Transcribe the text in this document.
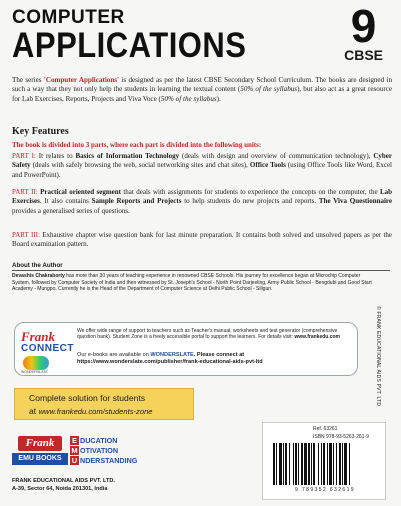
COMPUTER
APPLICATIONS 9
CBSE
The series 'Computer Applications' is designed as per the latest CBSE Secondary School Curriculum. The books are designed in such a way that they not only help the students in learning the textual content (50% of the syllabus), but also act as a great resource for Lab Exercises, Reports, Projects and Viva Voce (50% of the syllabus).
Key Features
The book is divided into 3 parts, where each part is divided into the following units:
PART I: It relates to Basics of Information Technology (deals with design and overview of communication technology), Cyber Safety (deals with safely browsing the web, social networking sites and chat sites), Office Tools (using Office Tools like Word, Excel and PowerPoint).
PART II: Practical oriented segment that deals with assignments for students to experience the concepts on the computer, the Lab Exercises. It also contains Sample Reports and Projects to help students do new projects and reports. The Viva Questionnaire provides a generalised series of questions.
PART III: Exhaustive chapter wise question bank for last minute preparation. It contains both solved and unsolved papers as per the Board examination pattern.
About the Author
Devashis Chakraborty has more than 30 years of teaching experience in renowned CBSE Schools. His journey for excellence began at Microchip Computer System, followed by Computer Society of India and then witnessed by St. Joseph's School - North Point Darjeeling, Army Public School - Bengdubi and Good Start Academy - Mungpo. Currently he is the Head of the Department of Computer Science at Delhi Public School - Siliguri.
Frank
CONNECT
WONDERSLATE
We offer wide range of support to teachers such as Teacher's manual, worksheets and test generator (comprehensive question bank). Student Zone is a freely accessible portal to support the learners. For details visit: www.frankedu.com
Our e-books are available on WONDERSLATE. Please connect at
https://www.wonderslate.com/publisher/frank-educational-aids-pvt-ltd
Complete solution for students
at www.frankedu.com/students-zone
Frank
EMU BOOKS
E DUCATION
M OTIVATION
U NDERSTANDING
FRANK EDUCATIONAL AIDS PVT. LTD.
A-39, Sector 64, Noida 201301, India
© FRANK EDUCATIONAL AIDS PVT. LTD.
Ref. 63261
ISBN 978-93-5263-261-9
9 789352 632619
